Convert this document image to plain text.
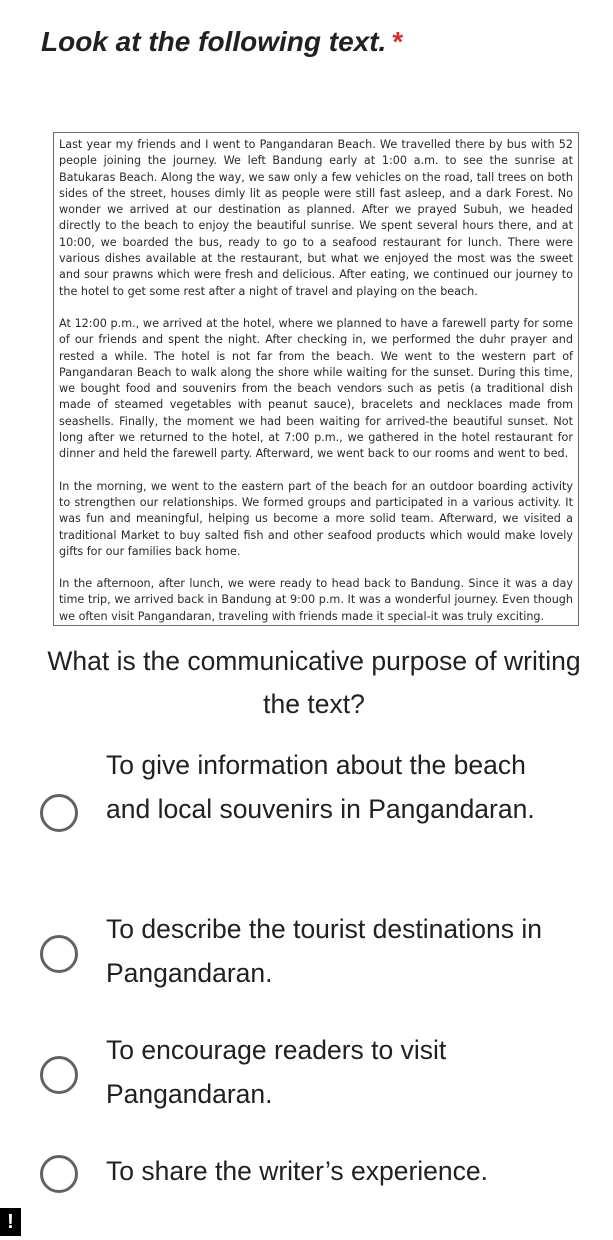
Look at the following text. *

Last year my friends and I went to Pangandaran Beach. We travelled there by bus with 52 people joining the journey. We left Bandung early at 1:00 a.m. to see the sunrise at Batukaras Beach. Along the way, we saw only a few vehicles on the road, tall trees on both sides of the street, houses dimly lit as people were still fast asleep, and a dark Forest. No wonder we arrived at our destination as planned. After we prayed Subuh, we headed directly to the beach to enjoy the beautiful sunrise. We spent several hours there, and at 10:00, we boarded the bus, ready to go to a seafood restaurant for lunch. There were various dishes available at the restaurant, but what we enjoyed the most was the sweet and sour prawns which were fresh and delicious. After eating, we continued our journey to the hotel to get some rest after a night of travel and playing on the beach.

At 12:00 p.m., we arrived at the hotel, where we planned to have a farewell party for some of our friends and spent the night. After checking in, we performed the duhr prayer and rested a while. The hotel is not far from the beach. We went to the western part of Pangandaran Beach to walk along the shore while waiting for the sunset. During this time, we bought food and souvenirs from the beach vendors such as petis (a traditional dish made of steamed vegetables with peanut sauce), bracelets and necklaces made from seashells. Finally, the moment we had been waiting for arrived-the beautiful sunset. Not long after we returned to the hotel, at 7:00 p.m., we gathered in the hotel restaurant for dinner and held the farewell party. Afterward, we went back to our rooms and went to bed.

In the morning, we went to the eastern part of the beach for an outdoor boarding activity to strengthen our relationships. We formed groups and participated in a various activity. It was fun and meaningful, helping us become a more solid team. Afterward, we visited a traditional Market to buy salted fish and other seafood products which would make lovely gifts for our families back home.

In the afternoon, after lunch, we were ready to head back to Bandung. Since it was a day time trip, we arrived back in Bandung at 9:00 p.m. It was a wonderful journey. Even though we often visit Pangandaran, traveling with friends made it special-it was truly exciting.

What is the communicative purpose of writing the text?
To give information about the beach and local souvenirs in Pangandaran.
To describe the tourist destinations in Pangandaran.
To encourage readers to visit Pangandaran.
To share the writer’s experience.
!
